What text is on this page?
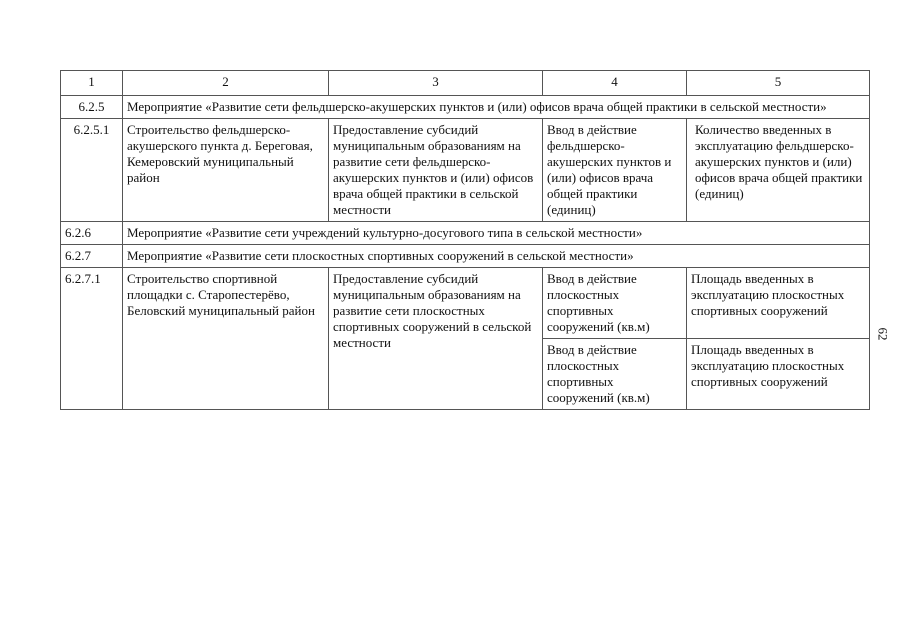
1	2	3	4	5
6.2.5	Мероприятие «Развитие сети фельдшерско-акушерских пунктов и (или) офисов врача общей практики в сельской местности»			
6.2.5.1	Строительство фельдшерско-акушерского пункта д. Береговая, Кемеровский муниципальный район	Предоставление субсидий муниципальным образованиям на развитие сети фельдшерско-акушерских пунктов и (или) офисов врача общей практики в сельской местности	Ввод в действие фельдшерско-акушерских пунктов и (или) офисов врача общей практики (единиц)	Количество введенных в эксплуатацию фельдшерско-акушерских пунктов и (или) офисов врача общей практики (единиц)
6.2.6	Мероприятие «Развитие сети учреждений культурно-досугового типа в сельской местности»			
6.2.7	Мероприятие «Развитие сети плоскостных спортивных сооружений в сельской местности»			
6.2.7.1	Строительство спортивной площадки с. Старопестерёво, Беловский муниципальный район	Предоставление субсидий муниципальным образованиям на развитие сети плоскостных спортивных сооружений в сельской местности	Ввод в действие плоскостных спортивных сооружений (кв.м)	Площадь введенных в эксплуатацию плоскостных спортивных сооружений
			Ввод в действие плоскостных спортивных сооружений (кв.м)	Площадь введенных в эксплуатацию плоскостных спортивных сооружений
62
